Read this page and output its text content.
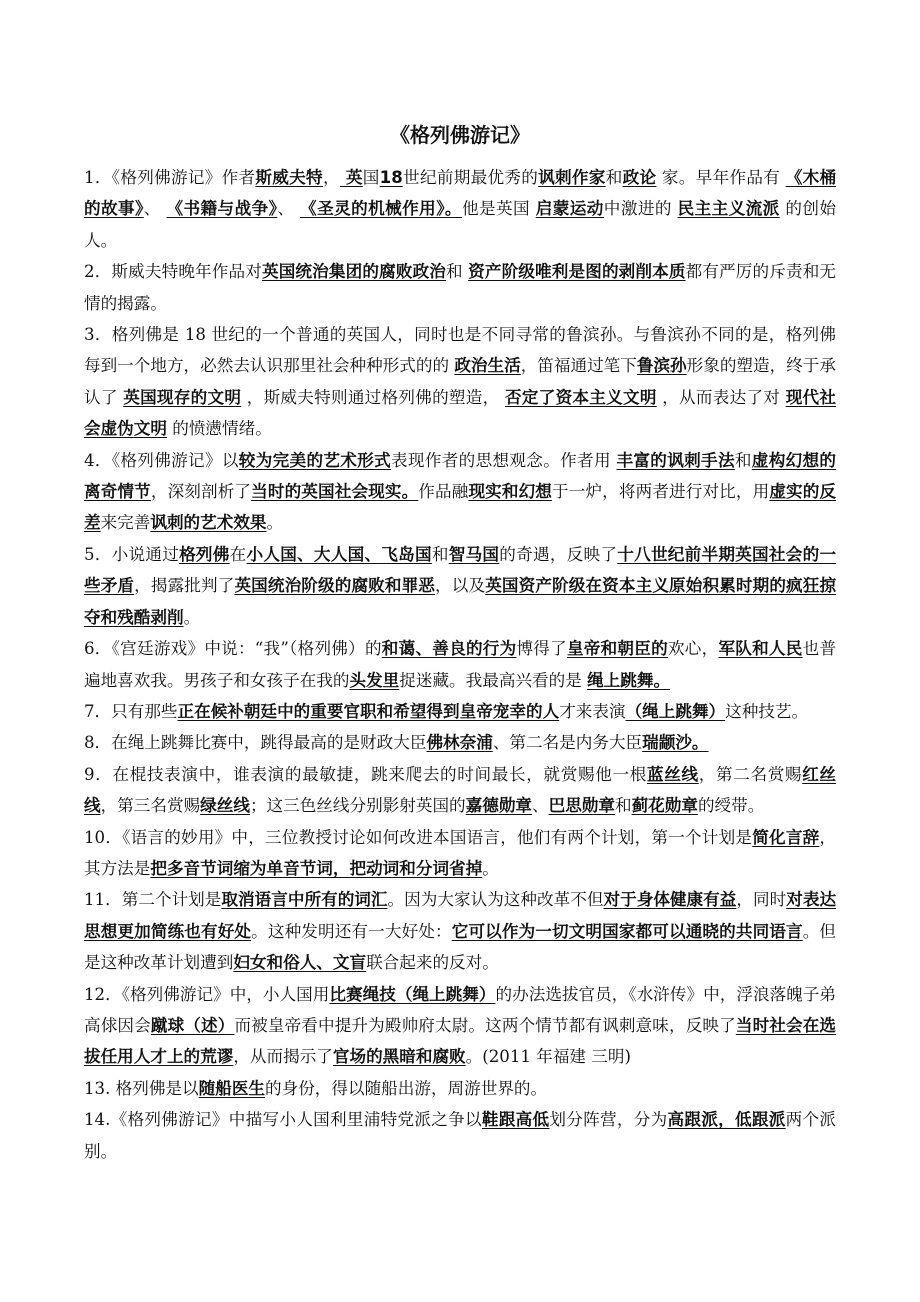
《格列佛游记》

1．《格列佛游记》作者斯威夫特， 英国18世纪前期最优秀的讽刺作家和政论 家。早年作品有 《木桶的故事》、 《书籍与战争》、 《圣灵的机械作用》。他是英国 启蒙运动中激进的 民主主义流派 的创始人。

2．斯威夫特晚年作品对英国统治集团的腐败政治和 资产阶级唯利是图的剥削本质都有严厉的斥责和无情的揭露。

3．格列佛是 18 世纪的一个普通的英国人，同时也是不同寻常的鲁滨孙。与鲁滨孙不同的是，格列佛每到一个地方，必然去认识那里社会种种形式的的 政治生活，笛福通过笔下鲁滨孙形象的塑造，终于承认了 英国现存的文明 ，斯威夫特则通过格列佛的塑造， 否定了资本主义文明 ，从而表达了对 现代社会虚伪文明 的愤懑情绪。

4．《格列佛游记》以较为完美的艺术形式表现作者的思想观念。作者用 丰富的讽刺手法和虚构幻想的离奇情节，深刻剖析了当时的英国社会现实。作品融现实和幻想于一炉，将两者进行对比，用虚实的反差来完善讽刺的艺术效果。

5．小说通过格列佛在小人国、大人国、飞岛国和智马国的奇遇，反映了十八世纪前半期英国社会的一些矛盾，揭露批判了英国统治阶级的腐败和罪恶，以及英国资产阶级在资本主义原始积累时期的疯狂掠夺和残酷剥削。

6．《宫廷游戏》中说：“我”（格列佛）的和蔼、善良的行为博得了皇帝和朝臣的欢心，军队和人民也普遍地喜欢我。男孩子和女孩子在我的头发里捉迷藏。我最高兴看的是 绳上跳舞。

7．只有那些正在候补朝廷中的重要官职和希望得到皇帝宠幸的人才来表演（绳上跳舞）这种技艺。

8．在绳上跳舞比赛中，跳得最高的是财政大臣佛林奈浦、第二名是内务大臣瑞颛沙。

9．在棍技表演中，谁表演的最敏捷，跳来爬去的时间最长，就赏赐他一根蓝丝线，第二名赏赐红丝线，第三名赏赐绿丝线；这三色丝线分别影射英国的嘉德勋章、巴思勋章和蓟花勋章的绶带。

10．《语言的妙用》中，三位教授讨论如何改进本国语言，他们有两个计划，第一个计划是简化言辞，其方法是把多音节词缩为单音节词，把动词和分词省掉。

11．第二个计划是取消语言中所有的词汇。因为大家认为这种改革不但对于身体健康有益，同时对表达思想更加简练也有好处。这种发明还有一大好处：它可以作为一切文明国家都可以通晓的共同语言。但是这种改革计划遭到妇女和俗人、文盲联合起来的反对。

12．《格列佛游记》中，小人国用比赛绳技（绳上跳舞）的办法选拔官员，《水浒传》中，浮浪落魄子弟高俅因会蹴球（述）而被皇帝看中提升为殿帅府太尉。这两个情节都有讽刺意味，反映了当时社会在选拔任用人才上的荒谬，从而揭示了官场的黑暗和腐败。(2011 年福建 三明)

13. 格列佛是以随船医生的身份，得以随船出游，周游世界的。

14.《格列佛游记》中描写小人国利里浦特党派之争以鞋跟高低划分阵营，分为高跟派，低跟派两个派别。
